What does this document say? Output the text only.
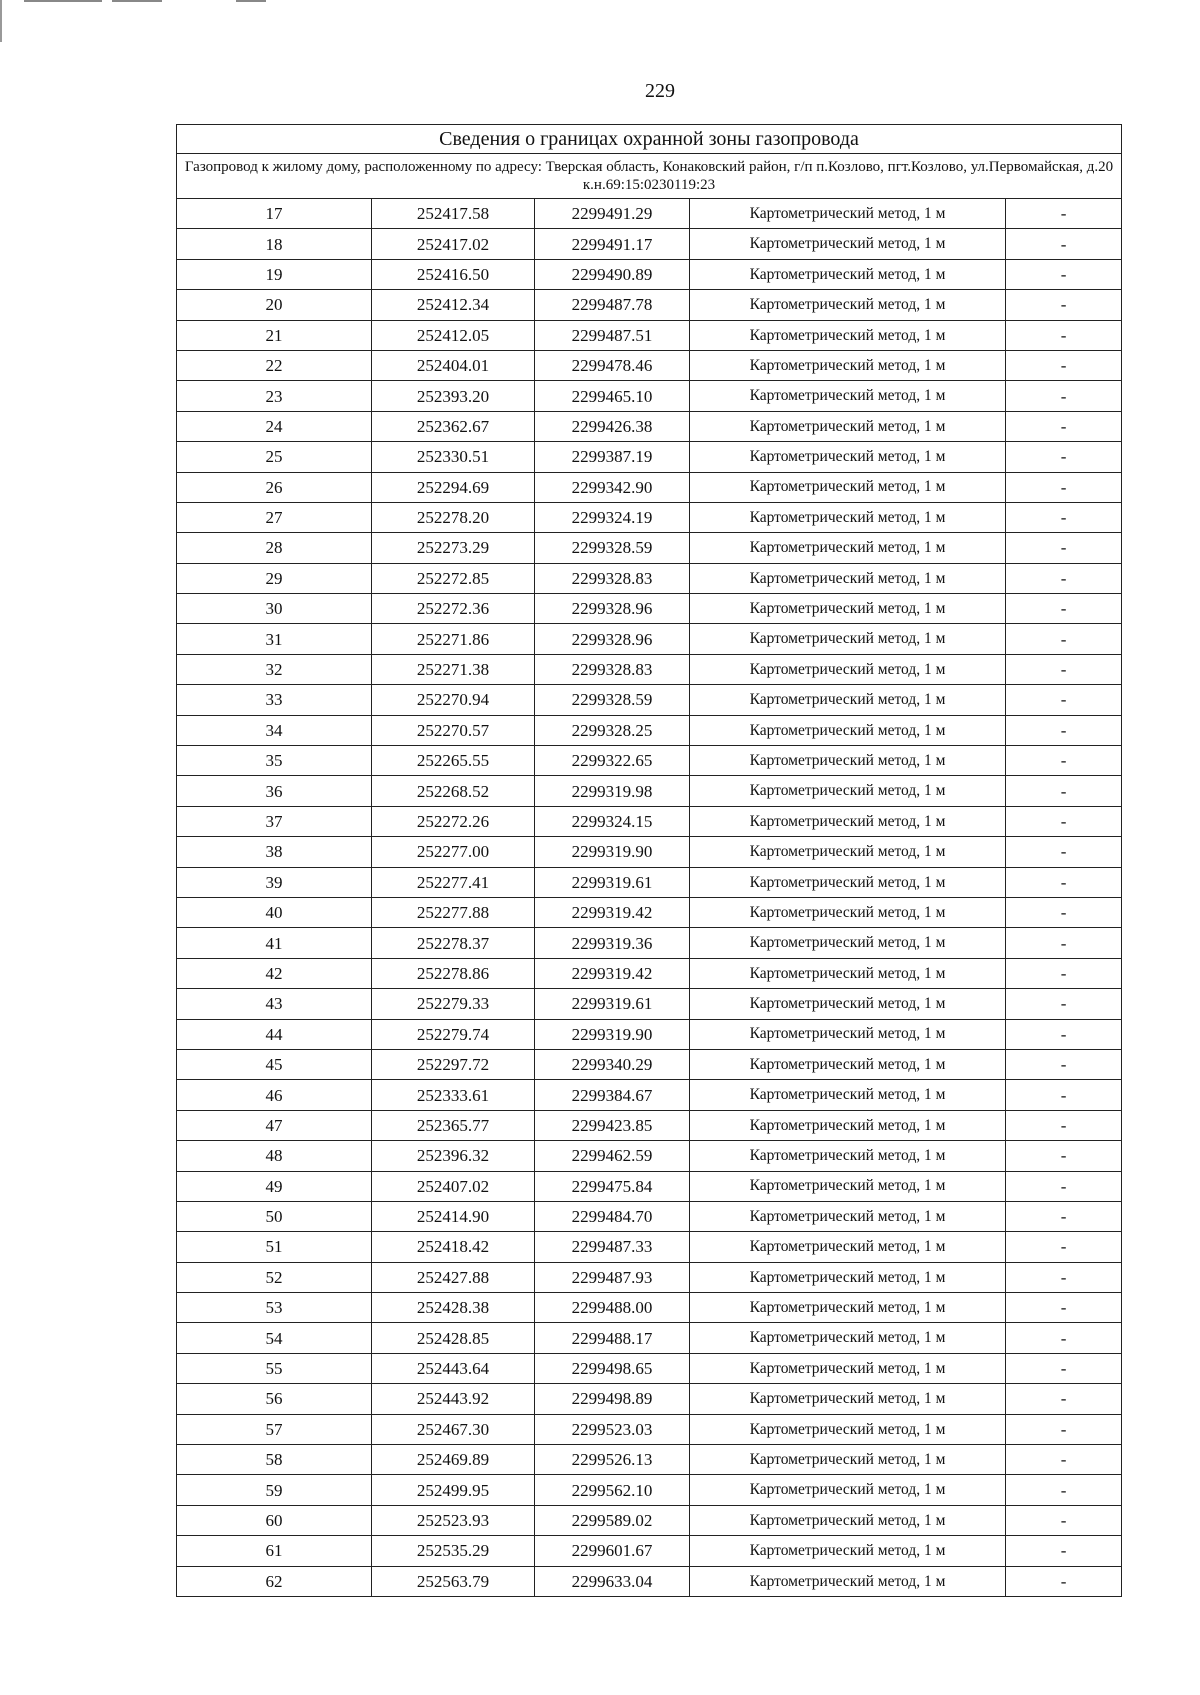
229
Сведения о границах охранной зоны газопровода				
Газопровод к жилому дому, расположенному по адресу: Тверская область, Конаковский район, г/п п.Козлово, пгт.Козлово, ул.Первомайская, д.20 к.н.69:15:0230119:23				
17	252417.58	2299491.29	Картометрический метод, 1 м	-
18	252417.02	2299491.17	Картометрический метод, 1 м	-
19	252416.50	2299490.89	Картометрический метод, 1 м	-
20	252412.34	2299487.78	Картометрический метод, 1 м	-
21	252412.05	2299487.51	Картометрический метод, 1 м	-
22	252404.01	2299478.46	Картометрический метод, 1 м	-
23	252393.20	2299465.10	Картометрический метод, 1 м	-
24	252362.67	2299426.38	Картометрический метод, 1 м	-
25	252330.51	2299387.19	Картометрический метод, 1 м	-
26	252294.69	2299342.90	Картометрический метод, 1 м	-
27	252278.20	2299324.19	Картометрический метод, 1 м	-
28	252273.29	2299328.59	Картометрический метод, 1 м	-
29	252272.85	2299328.83	Картометрический метод, 1 м	-
30	252272.36	2299328.96	Картометрический метод, 1 м	-
31	252271.86	2299328.96	Картометрический метод, 1 м	-
32	252271.38	2299328.83	Картометрический метод, 1 м	-
33	252270.94	2299328.59	Картометрический метод, 1 м	-
34	252270.57	2299328.25	Картометрический метод, 1 м	-
35	252265.55	2299322.65	Картометрический метод, 1 м	-
36	252268.52	2299319.98	Картометрический метод, 1 м	-
37	252272.26	2299324.15	Картометрический метод, 1 м	-
38	252277.00	2299319.90	Картометрический метод, 1 м	-
39	252277.41	2299319.61	Картометрический метод, 1 м	-
40	252277.88	2299319.42	Картометрический метод, 1 м	-
41	252278.37	2299319.36	Картометрический метод, 1 м	-
42	252278.86	2299319.42	Картометрический метод, 1 м	-
43	252279.33	2299319.61	Картометрический метод, 1 м	-
44	252279.74	2299319.90	Картометрический метод, 1 м	-
45	252297.72	2299340.29	Картометрический метод, 1 м	-
46	252333.61	2299384.67	Картометрический метод, 1 м	-
47	252365.77	2299423.85	Картометрический метод, 1 м	-
48	252396.32	2299462.59	Картометрический метод, 1 м	-
49	252407.02	2299475.84	Картометрический метод, 1 м	-
50	252414.90	2299484.70	Картометрический метод, 1 м	-
51	252418.42	2299487.33	Картометрический метод, 1 м	-
52	252427.88	2299487.93	Картометрический метод, 1 м	-
53	252428.38	2299488.00	Картометрический метод, 1 м	-
54	252428.85	2299488.17	Картометрический метод, 1 м	-
55	252443.64	2299498.65	Картометрический метод, 1 м	-
56	252443.92	2299498.89	Картометрический метод, 1 м	-
57	252467.30	2299523.03	Картометрический метод, 1 м	-
58	252469.89	2299526.13	Картометрический метод, 1 м	-
59	252499.95	2299562.10	Картометрический метод, 1 м	-
60	252523.93	2299589.02	Картометрический метод, 1 м	-
61	252535.29	2299601.67	Картометрический метод, 1 м	-
62	252563.79	2299633.04	Картометрический метод, 1 м	-
